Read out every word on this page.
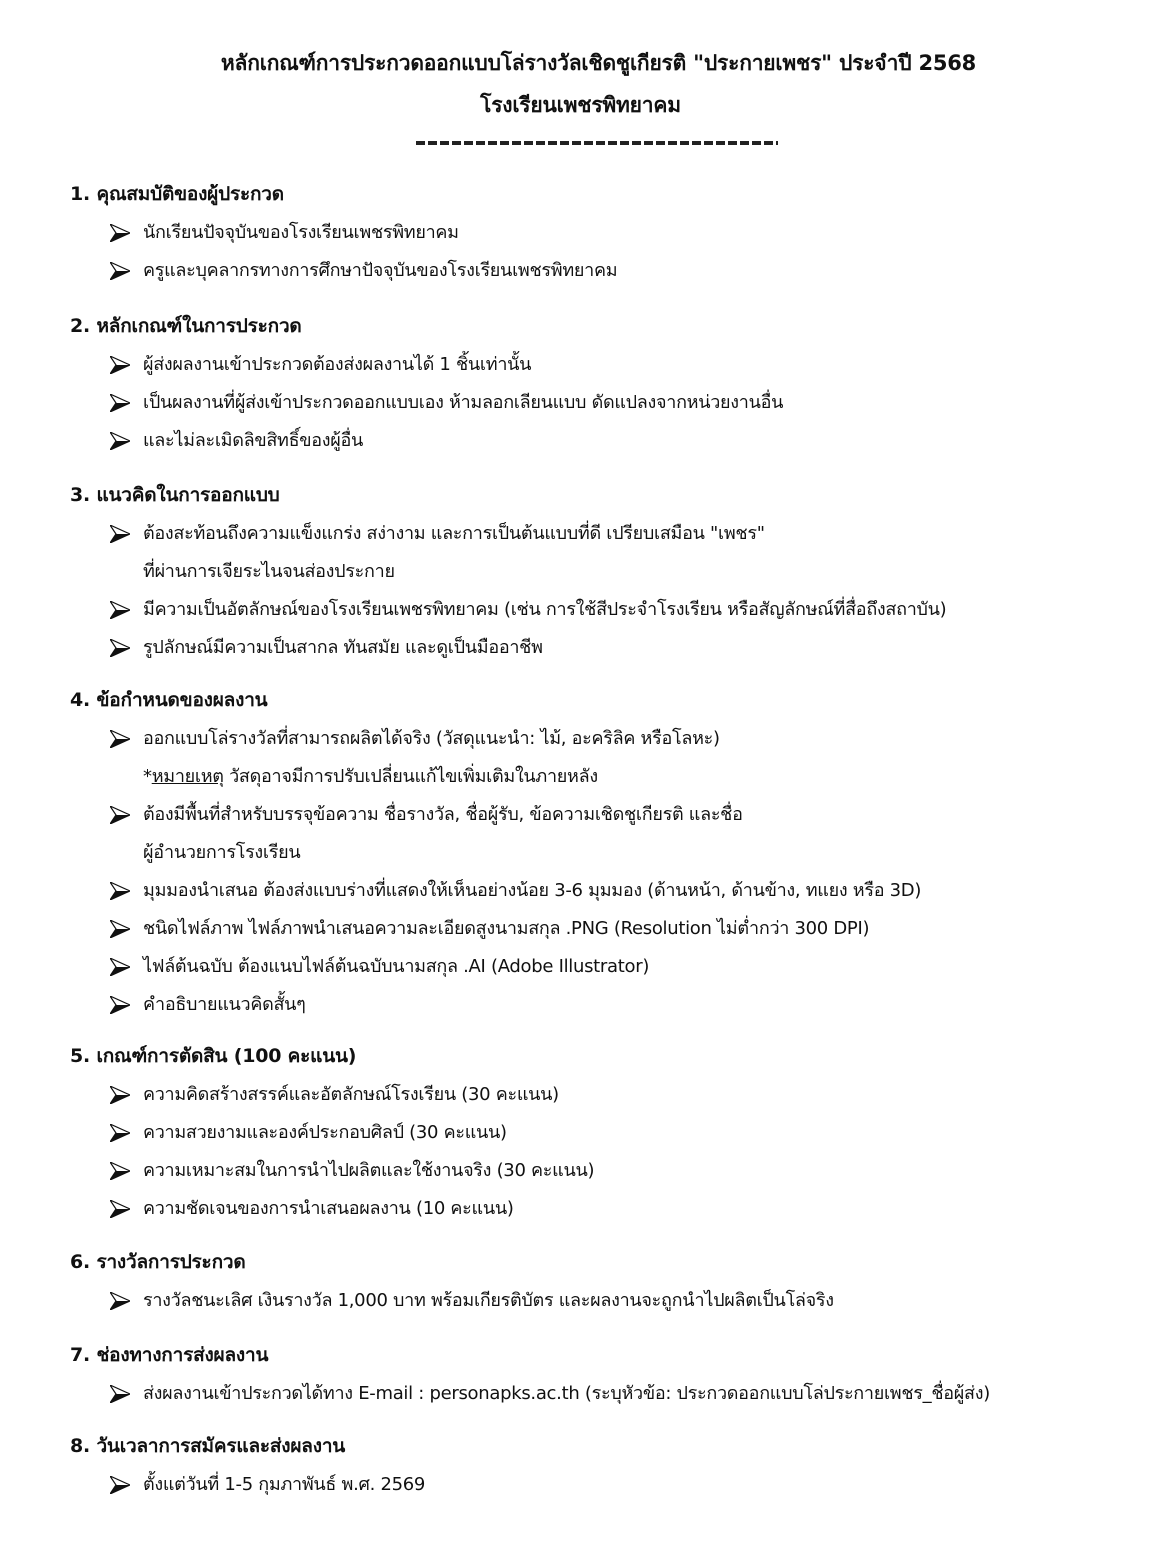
หลักเกณฑ์การประกวดออกแบบโล่รางวัลเชิดชูเกียรติ "ประกายเพชร" ประจำปี 2568
โรงเรียนเพชรพิทยาคม
1. คุณสมบัติของผู้ประกวด
นักเรียนปัจจุบันของโรงเรียนเพชรพิทยาคม
ครูและบุคลากรทางการศึกษาปัจจุบันของโรงเรียนเพชรพิทยาคม
2. หลักเกณฑ์ในการประกวด
ผู้ส่งผลงานเข้าประกวดต้องส่งผลงานได้ 1 ชิ้นเท่านั้น
เป็นผลงานที่ผู้ส่งเข้าประกวดออกแบบเอง ห้ามลอกเลียนแบบ ดัดแปลงจากหน่วยงานอื่น
และไม่ละเมิดลิขสิทธิ์ของผู้อื่น
3. แนวคิดในการออกแบบ
ต้องสะท้อนถึงความแข็งแกร่ง สง่างาม และการเป็นต้นแบบที่ดี เปรียบเสมือน "เพชร"
ที่ผ่านการเจียระไนจนส่องประกาย
มีความเป็นอัตลักษณ์ของโรงเรียนเพชรพิทยาคม (เช่น การใช้สีประจำโรงเรียน หรือสัญลักษณ์ที่สื่อถึงสถาบัน)
รูปลักษณ์มีความเป็นสากล ทันสมัย และดูเป็นมืออาชีพ
4. ข้อกำหนดของผลงาน
ออกแบบโล่รางวัลที่สามารถผลิตได้จริง (วัสดุแนะนำ: ไม้, อะคริลิค หรือโลหะ)
*หมายเหตุ วัสดุอาจมีการปรับเปลี่ยนแก้ไขเพิ่มเติมในภายหลัง
ต้องมีพื้นที่สำหรับบรรจุข้อความ ชื่อรางวัล, ชื่อผู้รับ, ข้อความเชิดชูเกียรติ และชื่อ
ผู้อำนวยการโรงเรียน
มุมมองนำเสนอ ต้องส่งแบบร่างที่แสดงให้เห็นอย่างน้อย 3-6 มุมมอง (ด้านหน้า, ด้านข้าง, ทแยง หรือ 3D)
ชนิดไฟล์ภาพ ไฟล์ภาพนำเสนอความละเอียดสูงนามสกุล .PNG (Resolution ไม่ต่ำกว่า 300 DPI)
ไฟล์ต้นฉบับ ต้องแนบไฟล์ต้นฉบับนามสกุล .AI (Adobe Illustrator)
คำอธิบายแนวคิดสั้นๆ
5. เกณฑ์การตัดสิน (100 คะแนน)
ความคิดสร้างสรรค์และอัตลักษณ์โรงเรียน (30 คะแนน)
ความสวยงามและองค์ประกอบศิลป์ (30 คะแนน)
ความเหมาะสมในการนำไปผลิตและใช้งานจริง (30 คะแนน)
ความชัดเจนของการนำเสนอผลงาน (10 คะแนน)
6. รางวัลการประกวด
รางวัลชนะเลิศ เงินรางวัล 1,000 บาท พร้อมเกียรติบัตร และผลงานจะถูกนำไปผลิตเป็นโล่จริง
7. ช่องทางการส่งผลงาน
ส่งผลงานเข้าประกวดได้ทาง E-mail : personapks.ac.th (ระบุหัวข้อ: ประกวดออกแบบโล่ประกายเพชร_ชื่อผู้ส่ง)
8. วันเวลาการสมัครและส่งผลงาน
ตั้งแต่วันที่ 1-5 กุมภาพันธ์ พ.ศ. 2569
